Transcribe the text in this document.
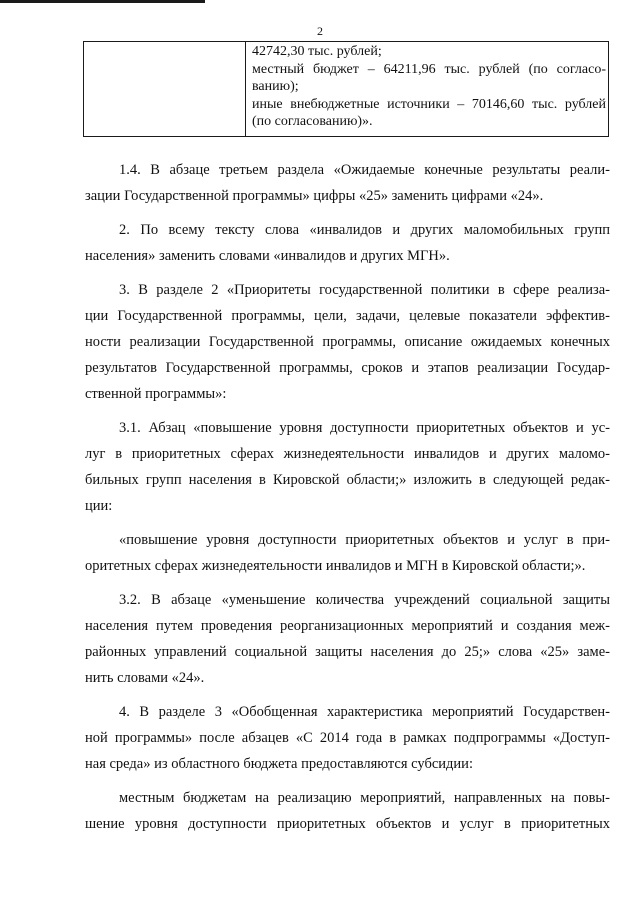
2

42742,30 тыс. рублей;
местный бюджет – 64211,96 тыс. рублей (по согласо-
ванию);
иные внебюджетные источники – 70146,60 тыс. рублей
(по согласованию)».

1.4. В абзаце третьем раздела «Ожидаемые конечные результаты реали-
зации Государственной программы» цифры «25» заменить цифрами «24».

2. По всему тексту слова «инвалидов и других маломобильных групп
населения» заменить словами «инвалидов и других МГН».

3. В разделе 2 «Приоритеты государственной политики в сфере реализа-
ции Государственной программы, цели, задачи, целевые показатели эффектив-
ности реализации Государственной программы, описание ожидаемых конечных
результатов Государственной программы, сроков и этапов реализации Государ-
ственной программы»:

3.1. Абзац «повышение уровня доступности приоритетных объектов и ус-
луг в приоритетных сферах жизнедеятельности инвалидов и других маломо-
бильных групп населения в Кировской области;» изложить в следующей редак-
ции:

«повышение уровня доступности приоритетных объектов и услуг в при-
оритетных сферах жизнедеятельности инвалидов и МГН в Кировской области;».

3.2. В абзаце «уменьшение количества учреждений социальной защиты
населения путем проведения реорганизационных мероприятий и создания меж-
районных управлений социальной защиты населения до 25;» слова «25» заме-
нить словами «24».

4. В разделе 3 «Обобщенная характеристика мероприятий Государствен-
ной программы» после абзацев «С 2014 года в рамках подпрограммы «Доступ-
ная среда» из областного бюджета предоставляются субсидии:

местным бюджетам на реализацию мероприятий, направленных на повы-
шение уровня доступности приоритетных объектов и услуг в приоритетных
